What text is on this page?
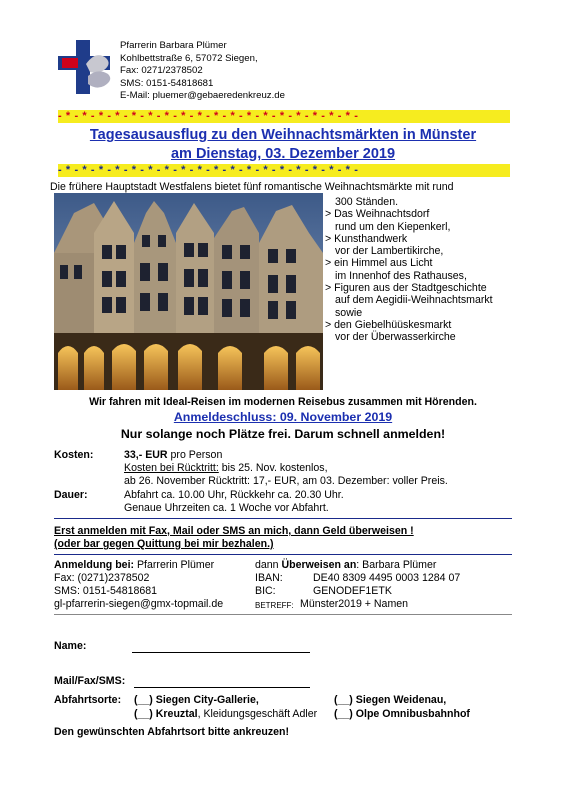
Pfarrerin Barbara Plümer
Kohlbettstraße 6, 57072 Siegen,
Fax: 0271/2378502
SMS: 0151-54818681
E-Mail: pluemer@gebaeredenkreuz.de
- * - * - * - * - * - * - * - * - * - * - * - * - * - * - * - * - * - * -
Tagesausausflug zu den Weihnachtsmärkten in Münster
am Dienstag, 03. Dezember 2019
- * - * - * - * - * - * - * - * - * - * - * - * - * - * - * - * - * - * -
Die frühere Hauptstadt Westfalens bietet fünf romantische Weihnachtsmärkte mit rund
300 Ständen.
> Das Weihnachtsdorf
rund um den Kiepenkerl,
> Kunsthandwerk
vor der Lambertikirche,
> ein Himmel aus Licht
im Innenhof des Rathauses,
> Figuren aus der Stadtgeschichte
auf dem Aegidii-Weihnachtsmarkt
sowie
> den Giebelhüüskesmarkt
vor der Überwasserkirche
Wir fahren mit Ideal-Reisen im modernen Reisebus zusammen mit Hörenden.
Anmeldeschluss: 09. November 2019
Nur solange noch Plätze frei. Darum schnell anmelden!
Kosten:	33,- EUR pro Person
Kosten bei Rücktritt: bis 25. Nov. kostenlos,
ab 26. November Rücktritt: 17,- EUR, am 03. Dezember: voller Preis.
Dauer:	Abfahrt ca. 10.00 Uhr, Rückkehr ca. 20.30 Uhr.
Genaue Uhrzeiten ca. 1 Woche vor Abfahrt.
Erst anmelden mit Fax, Mail oder SMS an mich, dann Geld überweisen !
(oder bar gegen Quittung bei mir bezhalen.)
Anmeldung bei: Pfarrerin Plümer
Fax: (0271)2378502
SMS: 0151-54818681
gl-pfarrerin-siegen@gmx-topmail.de
dann Überweisen an: Barbara Plümer
IBAN:	DE40 8309 4495 0003 1284 07
BIC:	GENODEF1ETK
BETREFF: Münster2019 + Namen
Name:
Mail/Fax/SMS:
Abfahrtsorte: (__) Siegen City-Gallerie,	(__) Siegen Weidenau,
(__) Kreuztal, Kleidungsgeschäft Adler (__) Olpe Omnibusbahnhof
Den gewünschten Abfahrtsort bitte ankreuzen!
